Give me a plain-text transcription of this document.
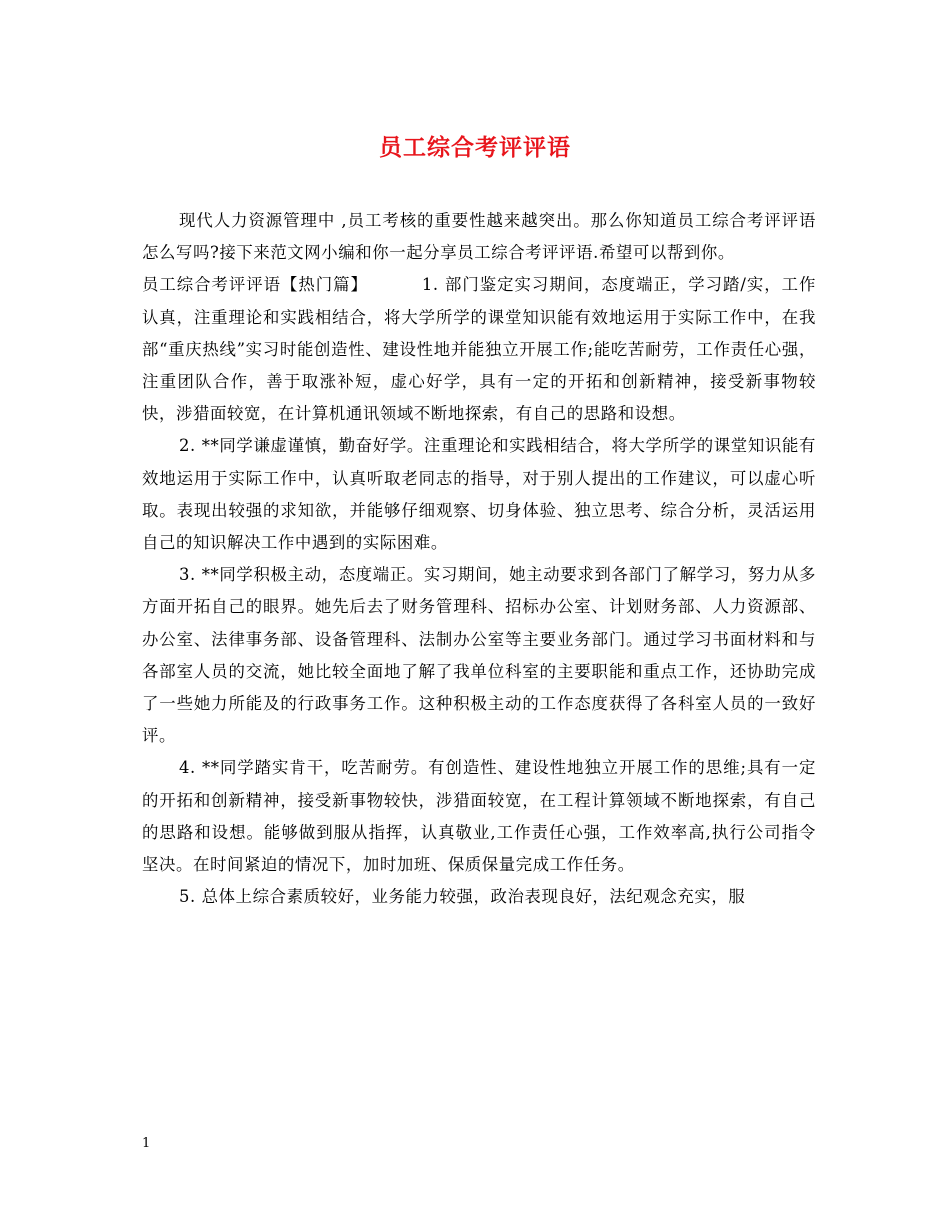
员工综合考评评语

现代人力资源管理中 ,员工考核的重要性越来越突出。那么你知道员工综合考评评语怎么写吗?接下来范文网小编和你一起分享员工综合考评评语.希望可以帮到你。

员工综合考评评语【热门篇】	1. 部门鉴定实习期间，态度端正，学习踏/实，工作认真，注重理论和实践相结合，将大学所学的课堂知识能有效地运用于实际工作中，在我部“重庆热线”实习时能创造性、建设性地并能独立开展工作;能吃苦耐劳，工作责任心强，注重团队合作，善于取涨补短，虚心好学，具有一定的开拓和创新精神，接受新事物较快，涉猎面较宽，在计算机通讯领域不断地探索，有自己的思路和设想。

2. **同学谦虚谨慎，勤奋好学。注重理论和实践相结合，将大学所学的课堂知识能有效地运用于实际工作中，认真听取老同志的指导，对于别人提出的工作建议，可以虚心听取。表现出较强的求知欲，并能够仔细观察、切身体验、独立思考、综合分析，灵活运用自己的知识解决工作中遇到的实际困难。

3. **同学积极主动，态度端正。实习期间，她主动要求到各部门了解学习，努力从多方面开拓自己的眼界。她先后去了财务管理科、招标办公室、计划财务部、人力资源部、办公室、法律事务部、设备管理科、法制办公室等主要业务部门。通过学习书面材料和与各部室人员的交流，她比较全面地了解了我单位科室的主要职能和重点工作，还协助完成了一些她力所能及的行政事务工作。这种积极主动的工作态度获得了各科室人员的一致好评。

4. **同学踏实肯干，吃苦耐劳。有创造性、建设性地独立开展工作的思维;具有一定的开拓和创新精神，接受新事物较快，涉猎面较宽，在工程计算领域不断地探索，有自己的思路和设想。能够做到服从指挥，认真敬业,工作责任心强，工作效率高,执行公司指令坚决。在时间紧迫的情况下，加时加班、保质保量完成工作任务。

5. 总体上综合素质较好，业务能力较强，政治表现良好，法纪观念充实，服

1
